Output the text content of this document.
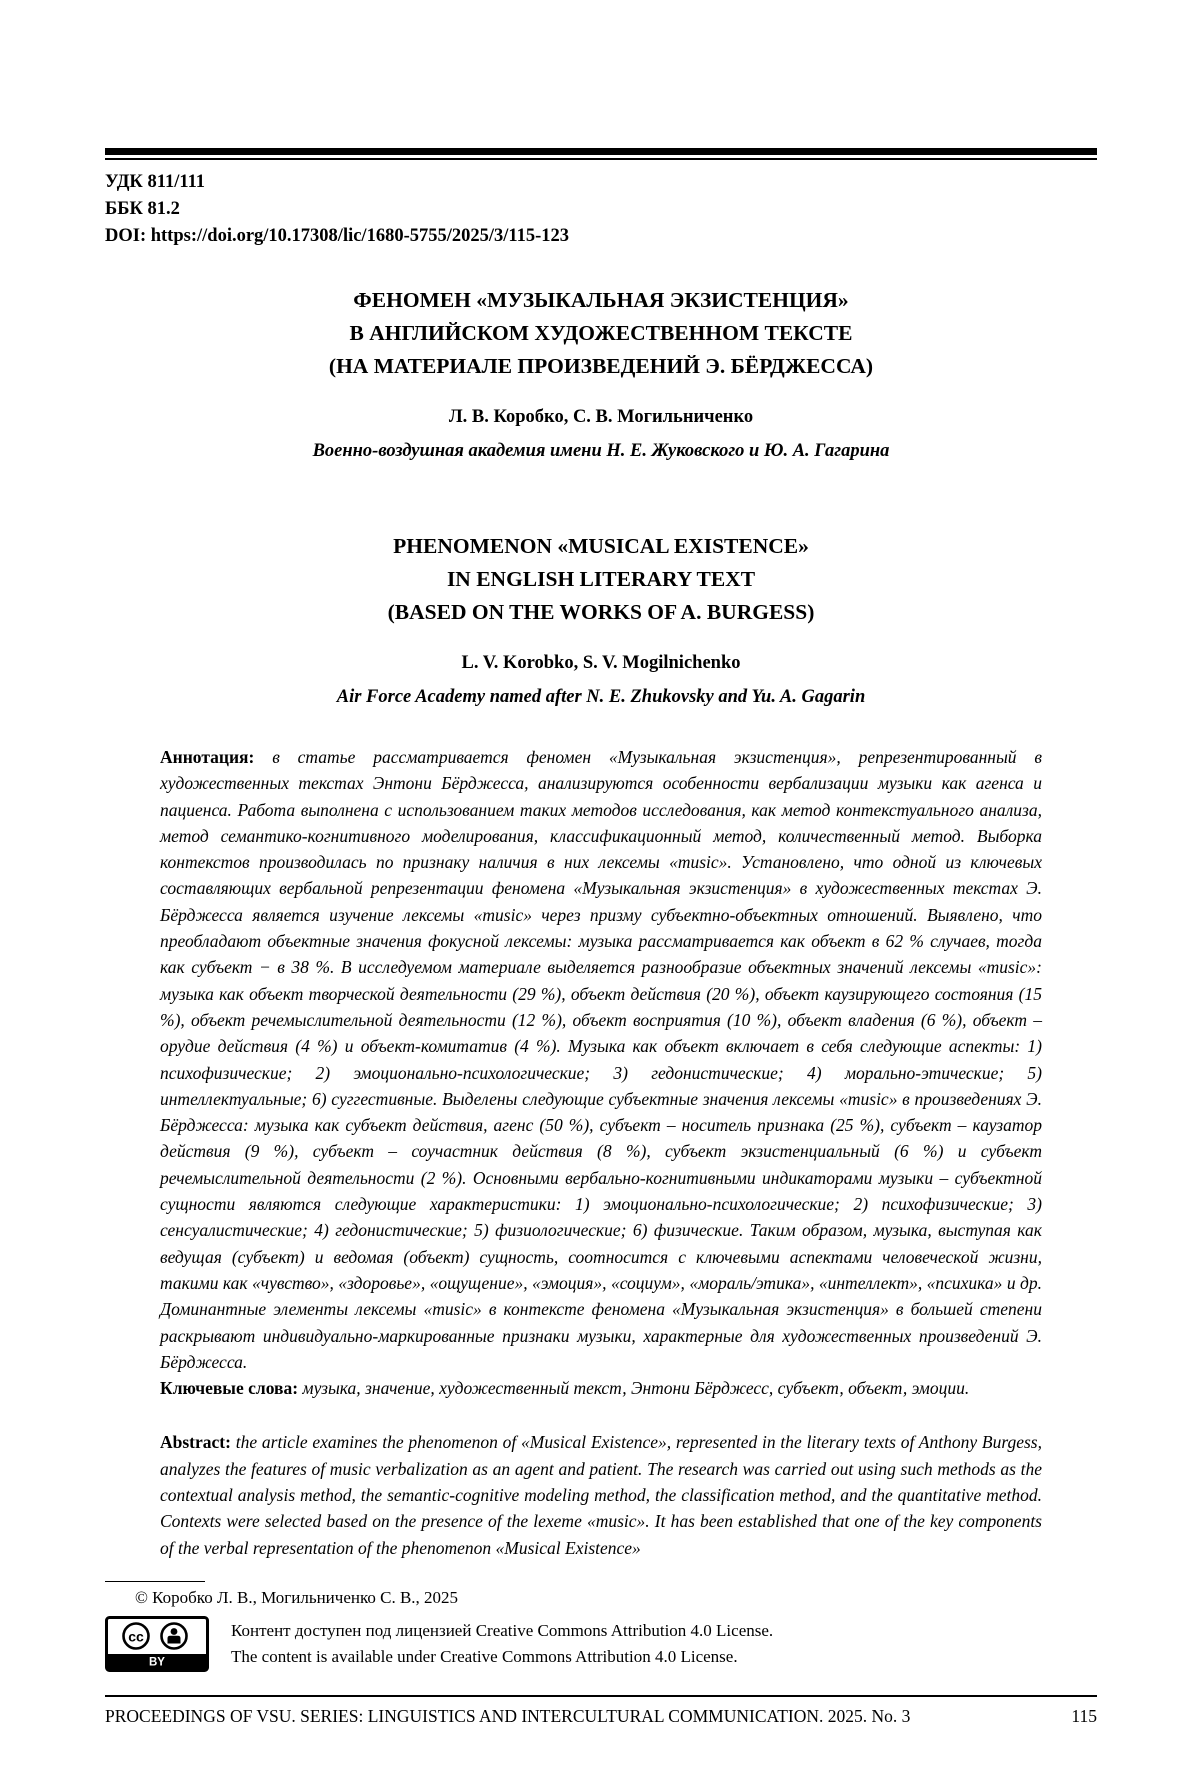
УДК 811/111
ББК 81.2
DOI: https://doi.org/10.17308/lic/1680-5755/2025/3/115-123
ФЕНОМЕН «МУЗЫКАЛЬНАЯ ЭКЗИСТЕНЦИЯ»
В АНГЛИЙСКОМ ХУДОЖЕСТВЕННОМ ТЕКСТЕ
(НА МАТЕРИАЛЕ ПРОИЗВЕДЕНИЙ Э. БЁРДЖЕССА)
Л. В. Коробко, С. В. Могильниченко
Военно-воздушная академия имени Н. Е. Жуковского и Ю. А. Гагарина
PHENOMENON «MUSICAL EXISTENCE»
IN ENGLISH LITERARY TEXT
(BASED ON THE WORKS OF A. BURGESS)
L. V. Korobko, S. V. Mogilnichenko
Air Force Academy named after N. E. Zhukovsky and Yu. A. Gagarin
Аннотация: в статье рассматривается феномен «Музыкальная экзистенция», репрезентированный в художественных текстах Энтони Бёрджесса, анализируются особенности вербализации музыки как агенса и пациенса. Работа выполнена с использованием таких методов исследования, как метод контекстуального анализа, метод семантико-когнитивного моделирования, классификационный метод, количественный метод. Выборка контекстов производилась по признаку наличия в них лексемы «music». Установлено, что одной из ключевых составляющих вербальной репрезентации феномена «Музыкальная экзистенция» в художественных текстах Э. Бёрджесса является изучение лексемы «music» через призму субъектно-объектных отношений. Выявлено, что преобладают объектные значения фокусной лексемы: музыка рассматривается как объект в 62 % случаев, тогда как субъект − в 38 %. В исследуемом материале выделяется разнообразие объектных значений лексемы «music»: музыка как объект творческой деятельности (29 %), объект действия (20 %), объект каузирующего состояния (15 %), объект речемыслительной деятельности (12 %), объект восприятия (10 %), объект владения (6 %), объект – орудие действия (4 %) и объект-комитатив (4 %). Музыка как объект включает в себя следующие аспекты: 1) психофизические; 2) эмоционально-психологические; 3) гедонистические; 4) морально-этические; 5) интеллектуальные; 6) суггестивные. Выделены следующие субъектные значения лексемы «music» в произведениях Э. Бёрджесса: музыка как субъект действия, агенс (50 %), субъект – носитель признака (25 %), субъект – каузатор действия (9 %), субъект – соучастник действия (8 %), субъект экзистенциальный (6 %) и субъект речемыслительной деятельности (2 %). Основными вербально-когнитивными индикаторами музыки – субъектной сущности являются следующие характеристики: 1) эмоционально-психологические; 2) психофизические; 3) сенсуалистические; 4) гедонистические; 5) физиологические; 6) физические. Таким образом, музыка, выступая как ведущая (субъект) и ведомая (объект) сущность, соотносится с ключевыми аспектами человеческой жизни, такими как «чувство», «здоровье», «ощущение», «эмоция», «социум», «мораль/этика», «интеллект», «психика» и др. Доминантные элементы лексемы «music» в контексте феномена «Музыкальная экзистенция» в большей степени раскрывают индивидуально-маркированные признаки музыки, характерные для художественных произведений Э. Бёрджесса.
Ключевые слова: музыка, значение, художественный текст, Энтони Бёрджесс, субъект, объект, эмоции.
Abstract: the article examines the phenomenon of «Musical Existence», represented in the literary texts of Anthony Burgess, analyzes the features of music verbalization as an agent and patient. The research was carried out using such methods as the contextual analysis method, the semantic-cognitive modeling method, the classification method, and the quantitative method. Contexts were selected based on the presence of the lexeme «music». It has been established that one of the key components of the verbal representation of the phenomenon «Musical Existence»
© Коробко Л. В., Могильниченко С. В., 2025
cc
BY
Контент доступен под лицензией Creative Commons Attribution 4.0 License.
The content is available under Creative Commons Attribution 4.0 License.
PROCEEDINGS OF VSU. SERIES: LINGUISTICS AND INTERCULTURAL COMMUNICATION. 2025. No. 3	115
